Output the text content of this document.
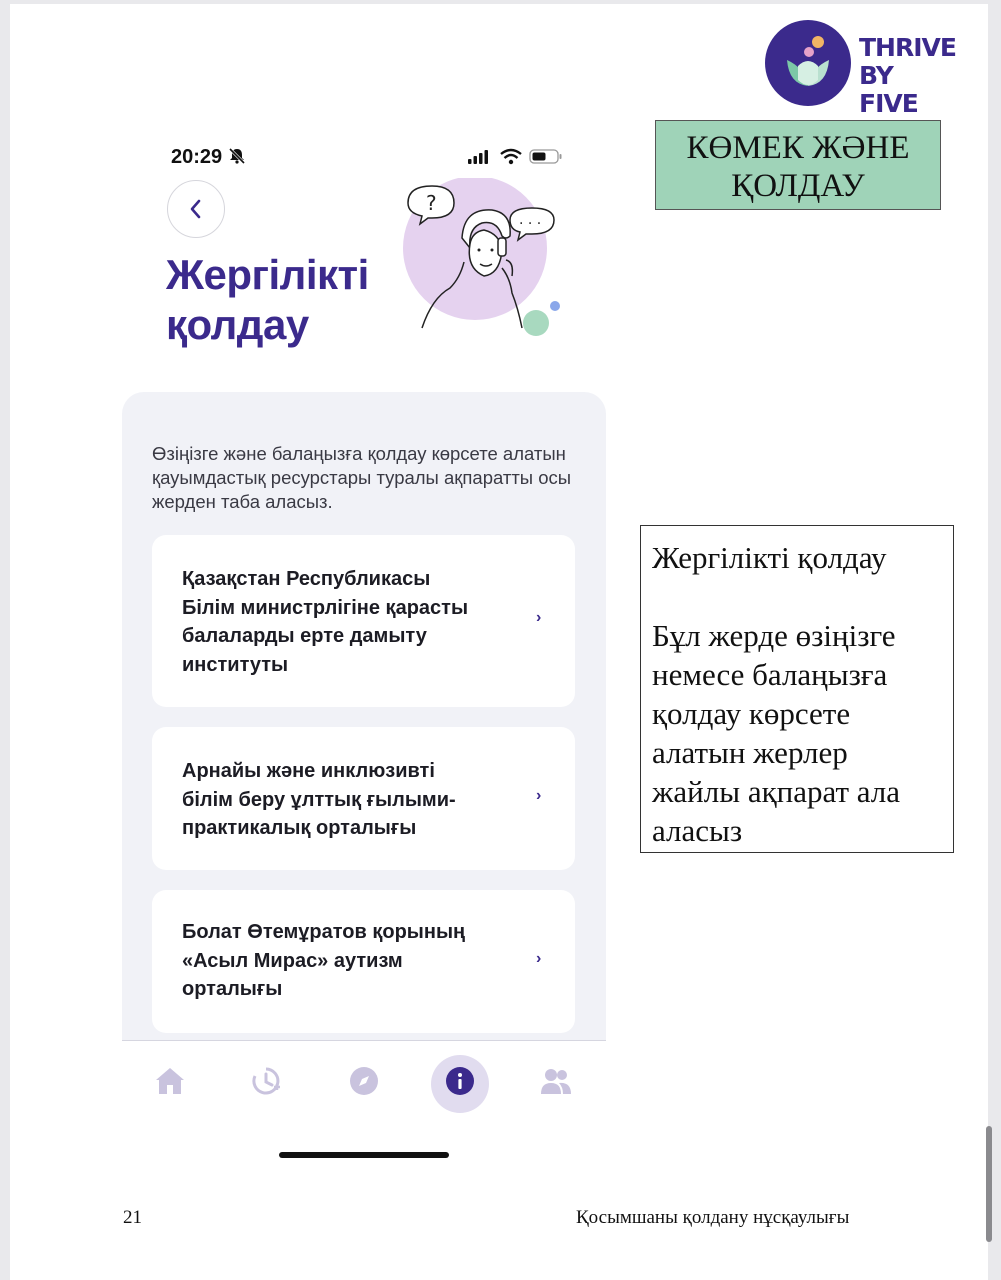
THRIVE
BY FIVE
КӨМЕК ЖӘНЕ
ҚОЛДАУ
Жергілікті қолдау
Бұл жерде өзіңізге немесе балаңызға қолдау көрсете алатын жерлер жайлы ақпарат ала аласыз
20:29
Жергілікті
қолдау
?
. . .
Өзіңізге және балаңызға қолдау көрсете алатын қауымдастық ресурстары туралы ақпаратты осы жерден таба аласыз.
Қазақстан Республикасы
Білім министрлігіне қарасты
балаларды ерте дамыту
институты
›
Арнайы және инклюзивті
білім беру ұлттық ғылыми-
практикалық орталығы
›
Болат Өтемұратов қорының
«Асыл Мирас» аутизм
орталығы
›
21	Қосымшаны қолдану нұсқаулығы
